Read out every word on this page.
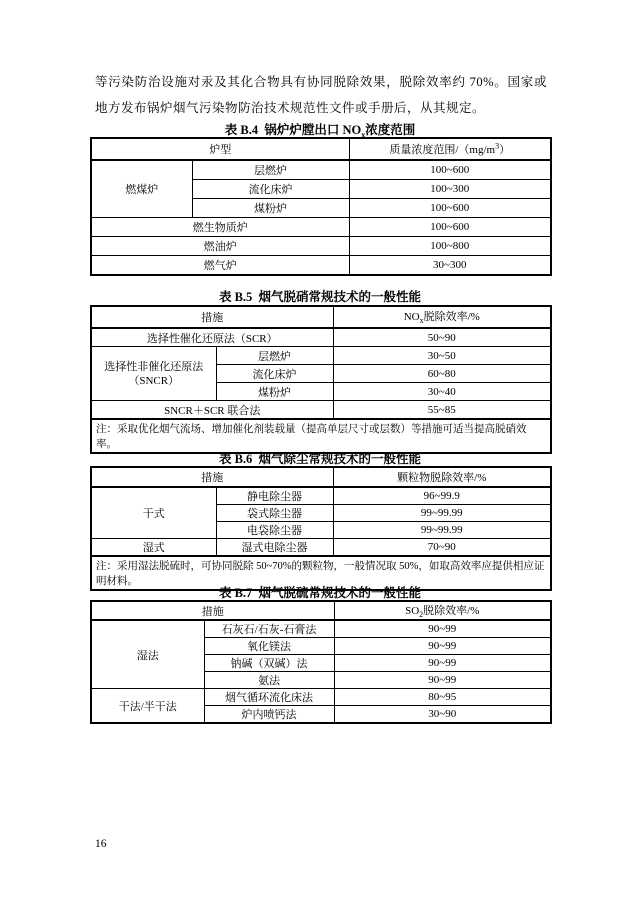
等污染防治设施对汞及其化合物具有协同脱除效果，脱除效率约 70%。国家或地方发布锅炉烟气污染物防治技术规范性文件或手册后，从其规定。
表 B.4  锅炉炉膛出口 $NO_x$浓度范围
炉型		质量浓度范围$/(mg/m^3)$
燃煤炉	层燃炉	100~600
	流化床炉	100~300
	煤粉炉	100~600
燃生物质炉		100~600
燃油炉		100~800
燃气炉		30~300
表 B.5  烟气脱硝常规技术的一般性能
措施		$NO_x$脱除效率/%
选择性催化还原法（SCR）		50~90

选择性非催化还原法
（SNCR）	层燃炉	30~50
	流化床炉	60~80
	煤粉炉	30~40
SNCR＋SCR 联合法		55~85
注：采取优化烟气流场、增加催化剂装载量（提高单层尺寸或层数）等措施可适当提高脱硝效率。		
表 B.6  烟气除尘常规技术的一般性能
措施		颗粒物脱除效率/%
干式	静电除尘器	96~99.9
	袋式除尘器	99~99.99
	电袋除尘器	99~99.99
湿式	湿式电除尘器	70~90
注：采用湿法脱硫时，可协同脱除 50~70%的颗粒物，一般情况取 50%，如取高效率应提供相应证明材料。		
表 B.7  烟气脱硫常规技术的一般性能
措施		$SO_2$脱除效率/%
湿法	石灰石/石灰-石膏法	90~99
	氧化镁法	90~99
	钠碱（双碱）法	90~99
	氨法	90~99
干法/半干法	烟气循环流化床法	80~95
	炉内喷钙法	30~90
16
